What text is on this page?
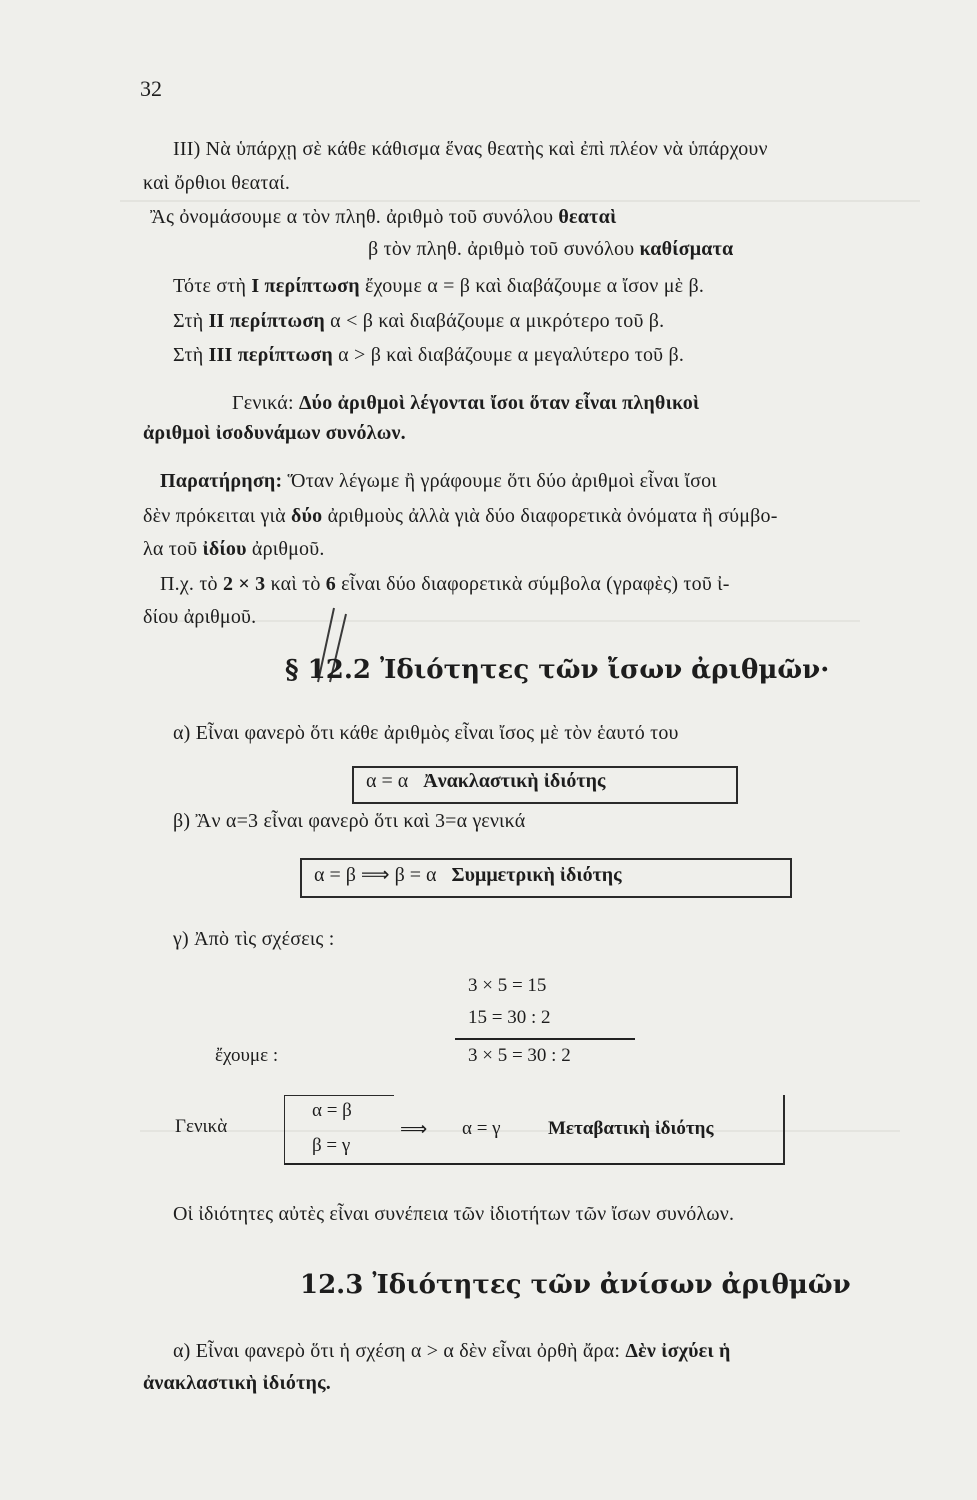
32
III) Νὰ ὑπάρχῃ σὲ κάθε κάθισμα ἕνας θεατὴς καὶ ἐπὶ πλέον νὰ ὑπάρχουν
καὶ ὄρθιοι θεαταί.
Ἂς ὀνομάσουμε α τὸν πληθ. ἀριθμὸ τοῦ συνόλου θεαταὶ
β τὸν πληθ. ἀριθμὸ τοῦ συνόλου καθίσματα
Τότε στὴ I περίπτωση ἔχουμε α = β καὶ διαβάζουμε α ἴσον μὲ β.
Στὴ II περίπτωση α < β καὶ διαβάζουμε α μικρότερο τοῦ β.
Στὴ III περίπτωση α > β καὶ διαβάζουμε α μεγαλύτερο τοῦ β.
Γενικά: Δύο ἀριθμοὶ λέγονται ἴσοι ὅταν εἶναι πληθικοὶ
ἀριθμοὶ ἰσοδυνάμων συνόλων.
Παρατήρηση: Ὅταν λέγωμε ἢ γράφουμε ὅτι δύο ἀριθμοὶ εἶναι ἴσοι
δὲν πρόκειται γιὰ δύο ἀριθμοὺς ἀλλὰ γιὰ δύο διαφορετικὰ ὀνόματα ἢ σύμβο-
λα τοῦ ἰδίου ἀριθμοῦ.
Π.χ. τὸ 2 × 3 καὶ τὸ 6 εἶναι δύο διαφορετικὰ σύμβολα (γραφὲς) τοῦ ἰ-
δίου ἀριθμοῦ.
§ 12.2 Ἰδιότητες τῶν ἴσων ἀριθμῶν·
α) Εἶναι φανερὸ ὅτι κάθε ἀριθμὸς εἶναι ἴσος μὲ τὸν ἑαυτό του
α = α Ἀνακλαστικὴ ἰδιότης
β) Ἂν α=3 εἶναι φανερὸ ὅτι καὶ 3=α γενικά
α = β ⟹ β = α Συμμετρικὴ ἰδιότης
γ) Ἀπὸ τὶς σχέσεις :
3 × 5 = 15
15 = 30 : 2
ἔχουμε :	3 × 5 = 30 : 2
Γενικὰ
α = β
β = γ
⟹ α = γ Μεταβατικὴ ἰδιότης
Οἱ ἰδιότητες αὐτὲς εἶναι συνέπεια τῶν ἰδιοτήτων τῶν ἴσων συνόλων.
12.3 Ἰδιότητες τῶν ἀνίσων ἀριθμῶν
α) Εἶναι φανερὸ ὅτι ἡ σχέση α > α δὲν εἶναι ὀρθὴ ἄρα: Δὲν ἰσχύει ἡ
ἀνακλαστικὴ ἰδιότης.
